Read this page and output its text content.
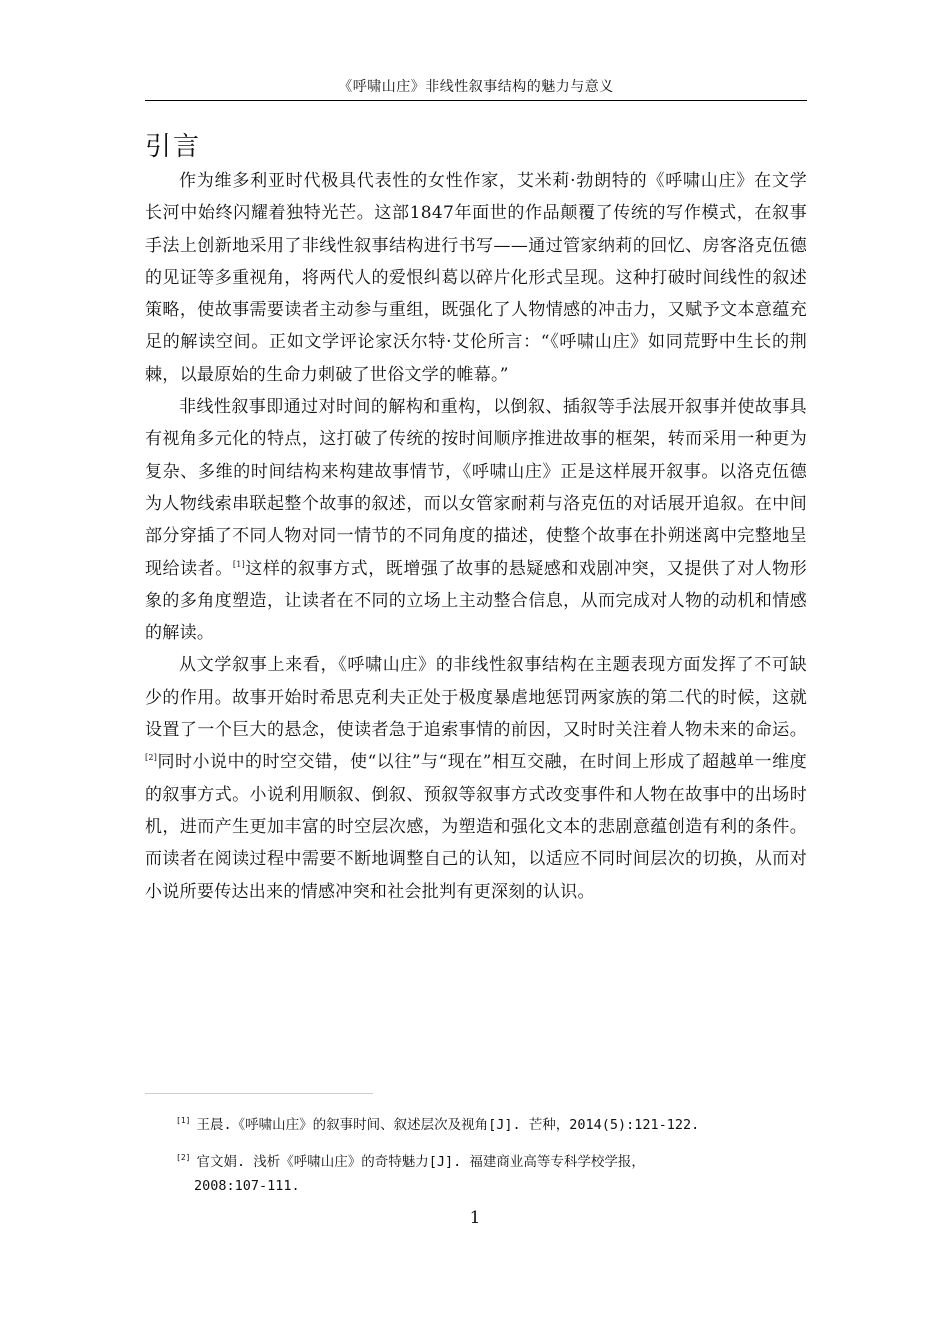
《呼啸山庄》非线性叙事结构的魅力与意义
引言

作为维多利亚时代极具代表性的女性作家，艾米莉·勃朗特的《呼啸山庄》在文学长河中始终闪耀着独特光芒。这部1847年面世的作品颠覆了传统的写作模式，在叙事手法上创新地采用了非线性叙事结构进行书写——通过管家纳莉的回忆、房客洛克伍德的见证等多重视角，将两代人的爱恨纠葛以碎片化形式呈现。这种打破时间线性的叙述策略，使故事需要读者主动参与重组，既强化了人物情感的冲击力，又赋予文本意蕴充足的解读空间。正如文学评论家沃尔特·艾伦所言：“《呼啸山庄》如同荒野中生长的荆棘，以最原始的生命力刺破了世俗文学的帷幕。”

非线性叙事即通过对时间的解构和重构，以倒叙、插叙等手法展开叙事并使故事具有视角多元化的特点，这打破了传统的按时间顺序推进故事的框架，转而采用一种更为复杂、多维的时间结构来构建故事情节，《呼啸山庄》正是这样展开叙事。以洛克伍德为人物线索串联起整个故事的叙述，而以女管家耐莉与洛克伍的对话展开追叙。在中间部分穿插了不同人物对同一情节的不同角度的描述，使整个故事在扑朔迷离中完整地呈现给读者。[1]这样的叙事方式，既增强了故事的悬疑感和戏剧冲突，又提供了对人物形象的多角度塑造，让读者在不同的立场上主动整合信息，从而完成对人物的动机和情感的解读。

从文学叙事上来看，《呼啸山庄》的非线性叙事结构在主题表现方面发挥了不可缺少的作用。故事开始时希思克利夫正处于极度暴虐地惩罚两家族的第二代的时候，这就设置了一个巨大的悬念，使读者急于追索事情的前因，又时时关注着人物未来的命运。[2]同时小说中的时空交错，使“以往”与“现在”相互交融，在时间上形成了超越单一维度的叙事方式。小说利用顺叙、倒叙、预叙等叙事方式改变事件和人物在故事中的出场时机，进而产生更加丰富的时空层次感，为塑造和强化文本的悲剧意蕴创造有利的条件。而读者在阅读过程中需要不断地调整自己的认知，以适应不同时间层次的切换，从而对小说所要传达出来的情感冲突和社会批判有更深刻的认识。

[1] 王晨.《呼啸山庄》的叙事时间、叙述层次及视角[J]. 芒种，2014(5):121-122.

[2] 官文娟. 浅析《呼啸山庄》的奇特魅力[J]. 福建商业高等专科学校学报，
2008:107-111.

1
